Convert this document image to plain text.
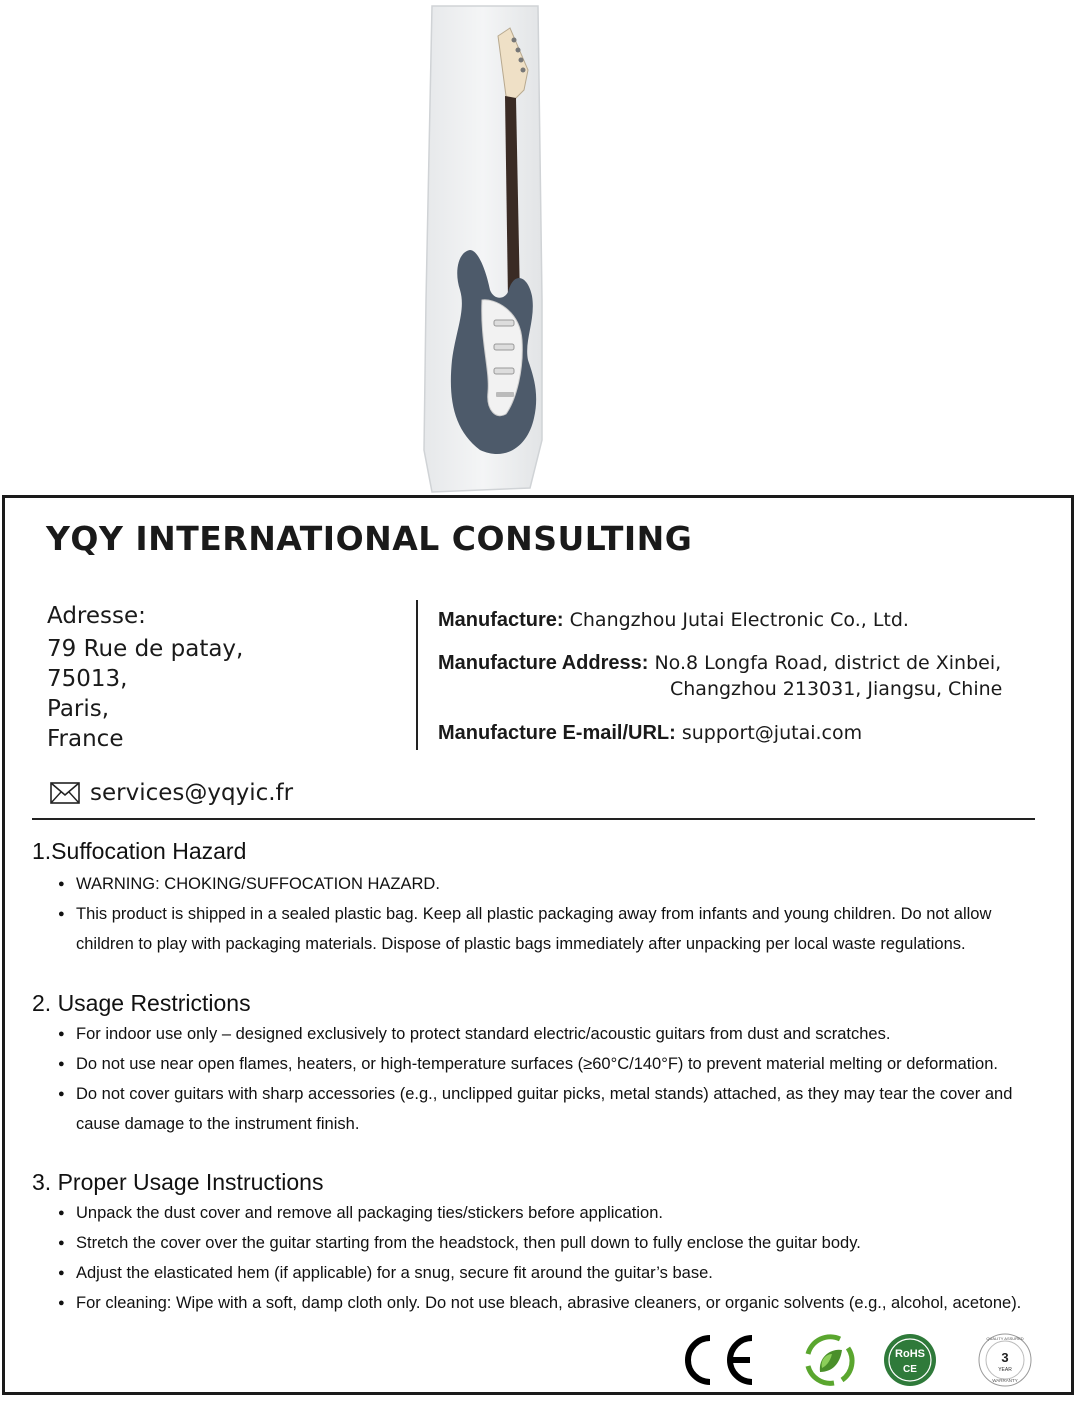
YQY INTERNATIONAL CONSULTING
Adresse:
79 Rue de patay,
75013,
Paris,
France
Manufacture: Changzhou Jutai Electronic Co., Ltd.
Manufacture Address: No.8 Longfa Road, district de Xinbei,
Changzhou 213031, Jiangsu, Chine
Manufacture E-mail/URL: support@jutai.com
services@yqyic.fr
1.Suffocation Hazard
● WARNING: CHOKING/SUFFOCATION HAZARD.
● This product is shipped in a sealed plastic bag. Keep all plastic packaging away from infants and young children. Do not allow children to play with packaging materials. Dispose of plastic bags immediately after unpacking per local waste regulations.
2. Usage Restrictions
● For indoor use only – designed exclusively to protect standard electric/acoustic guitars from dust and scratches.
● Do not use near open flames, heaters, or high-temperature surfaces (≥60°C/140°F) to prevent material melting or deformation.
● Do not cover guitars with sharp accessories (e.g., unclipped guitar picks, metal stands) attached, as they may tear the cover and cause damage to the instrument finish.
3. Proper Usage Instructions
● Unpack the dust cover and remove all packaging ties/stickers before application.
● Stretch the cover over the guitar starting from the headstock, then pull down to fully enclose the guitar body.
● Adjust the elasticated hem (if applicable) for a snug, secure fit around the guitar’s base.
● For cleaning: Wipe with a soft, damp cloth only. Do not use bleach, abrasive cleaners, or organic solvents (e.g., alcohol, acetone).
RoHS
CE
QUALITY ASSURED
3
YEAR
WARRANTY
